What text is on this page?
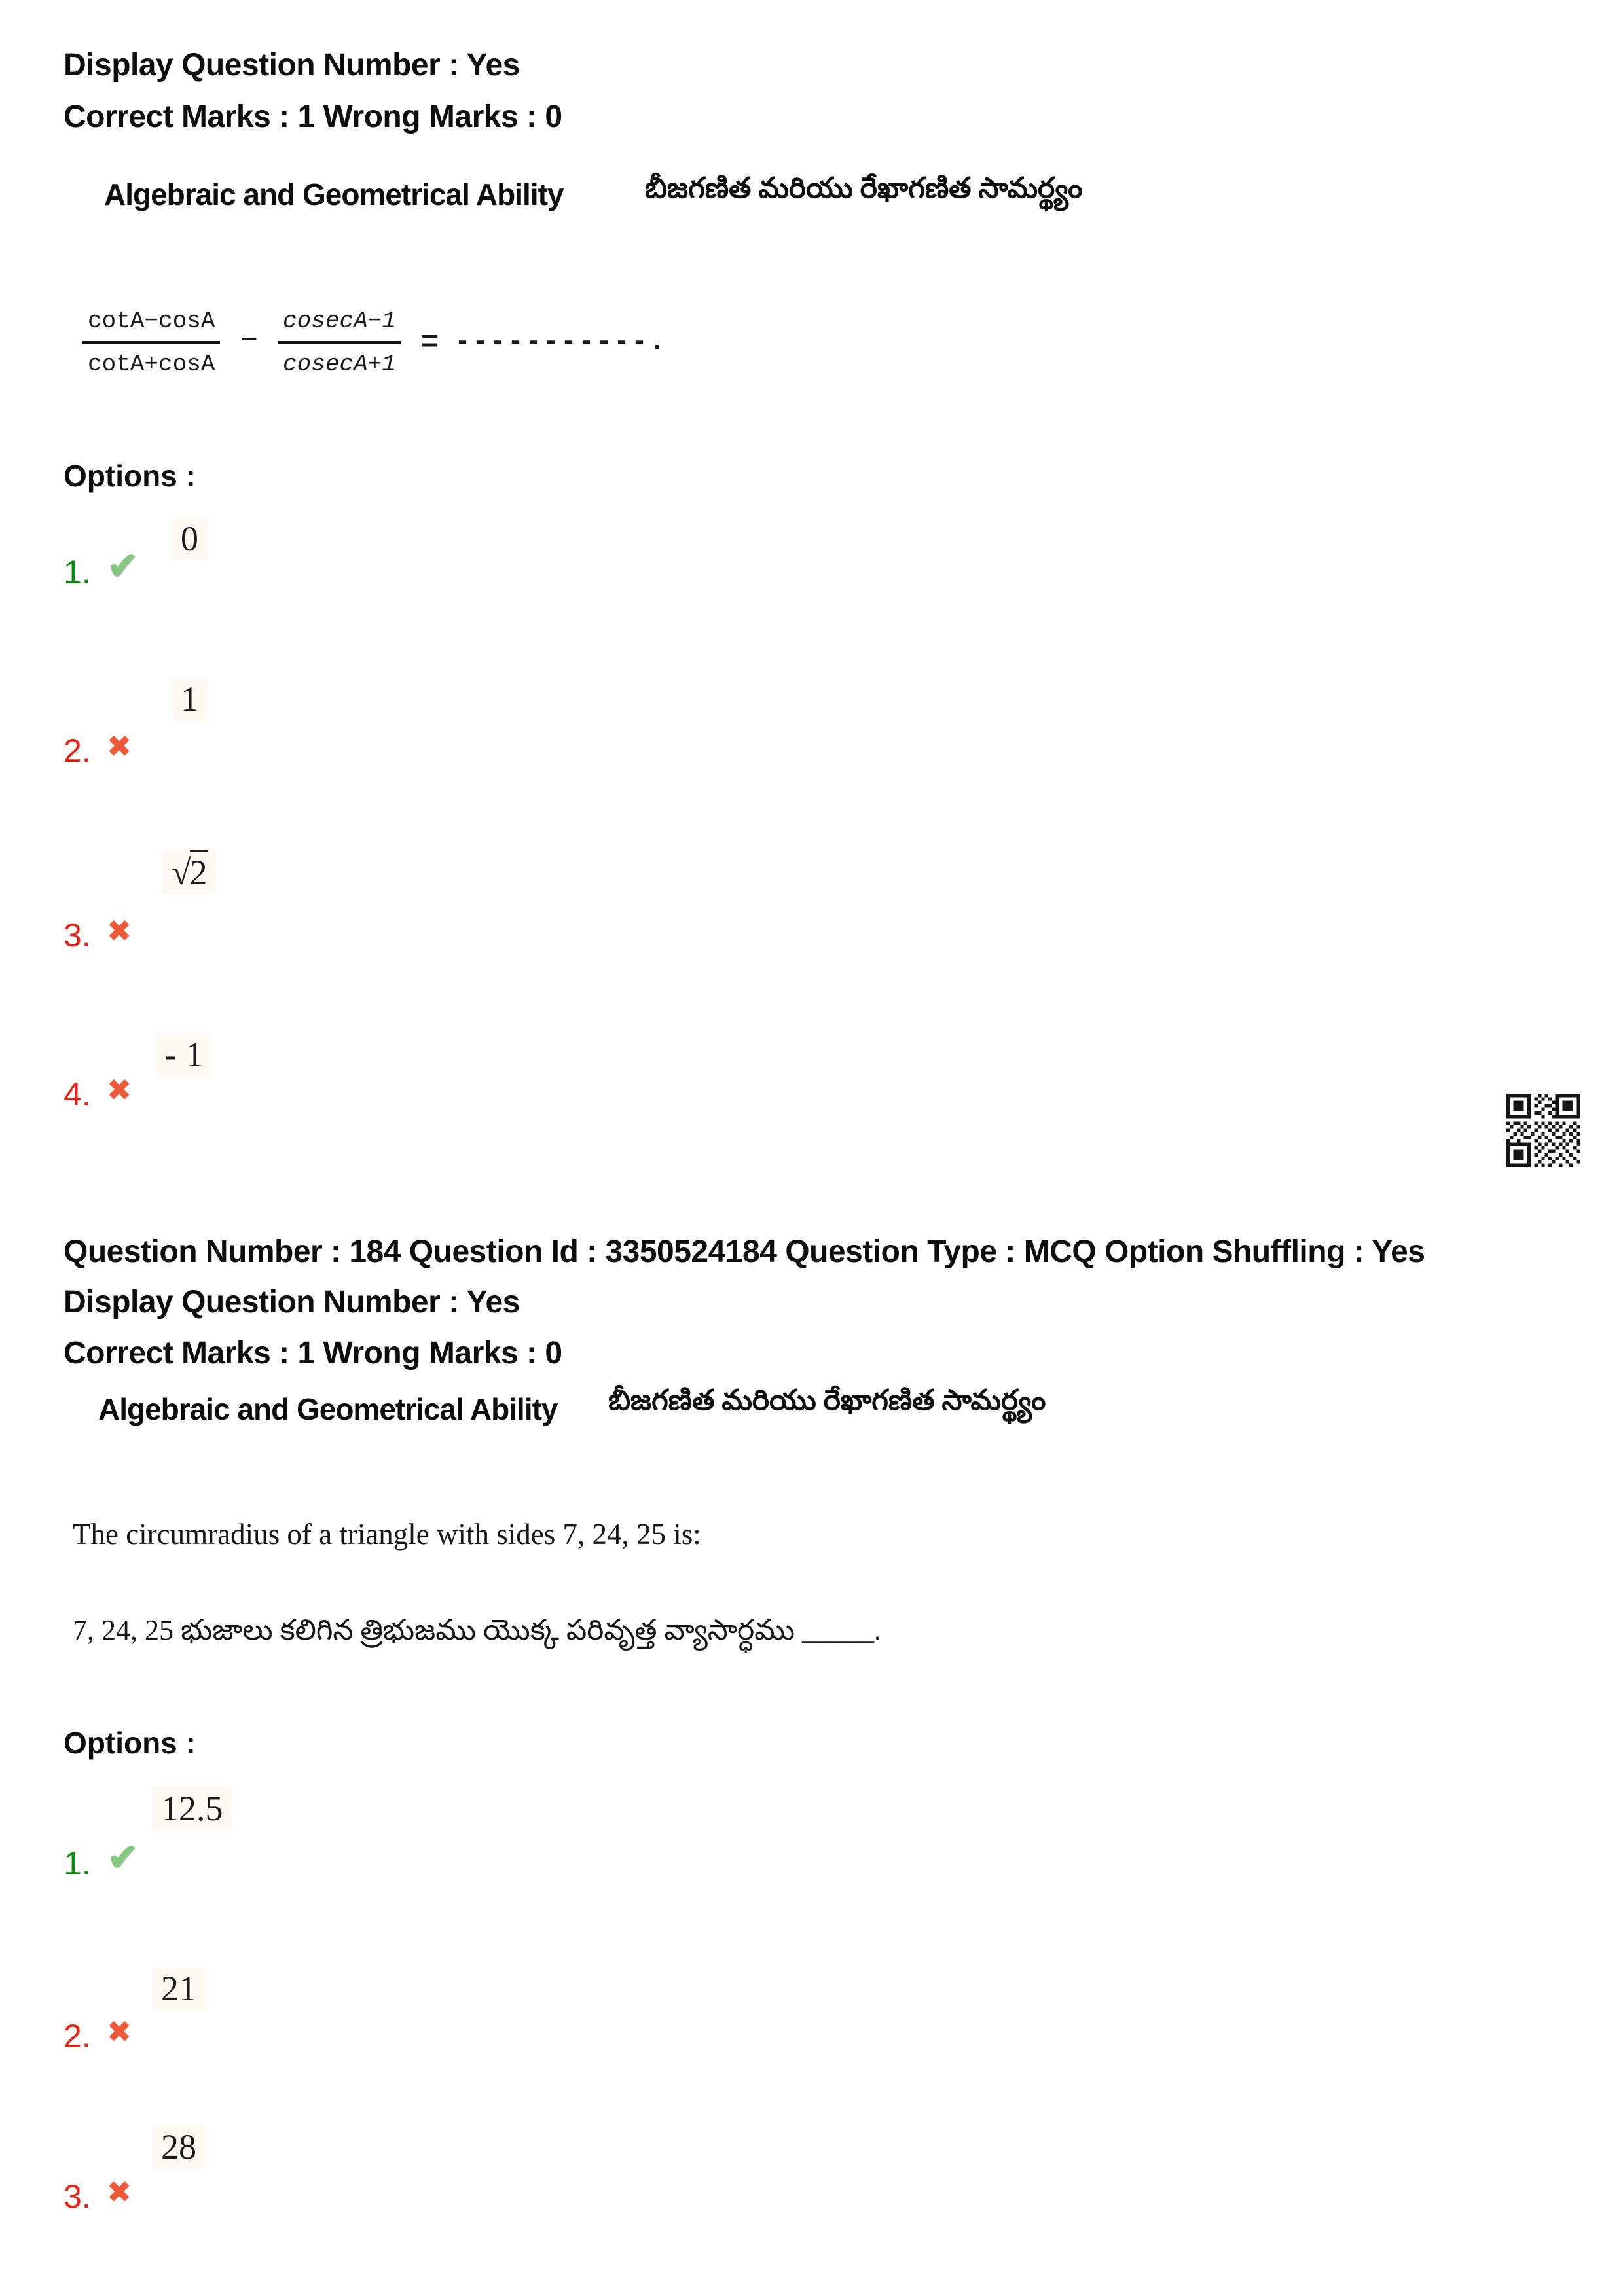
Display Question Number : Yes
Correct Marks : 1 Wrong Marks : 0
Algebraic and Geometrical Ability	బీజగణిత మరియు రేఖాగణిత సామర్థ్యం
$\frac{\cot A-\cos A}{\cot A+\cos A} - \frac{cosecA-1}{cosecA+1}$ = -----------.
Options :
0
1. ✔
1
2. ✖
√2
3. ✖
- 1
4. ✖
Question Number : 184 Question Id : 3350524184 Question Type : MCQ Option Shuffling : Yes
Display Question Number : Yes
Correct Marks : 1 Wrong Marks : 0
Algebraic and Geometrical Ability బీజగణిత మరియు రేఖాగణిత సామర్థ్యం
The circumradius of a triangle with sides 7, 24, 25 is:
7, 24, 25 భుజాలు కలిగిన త్రిభుజము యొక్క పరివృత్త వ్యాసార్ధము _____.
Options :
12.5
1. ✔
21
2. ✖
28
3. ✖
